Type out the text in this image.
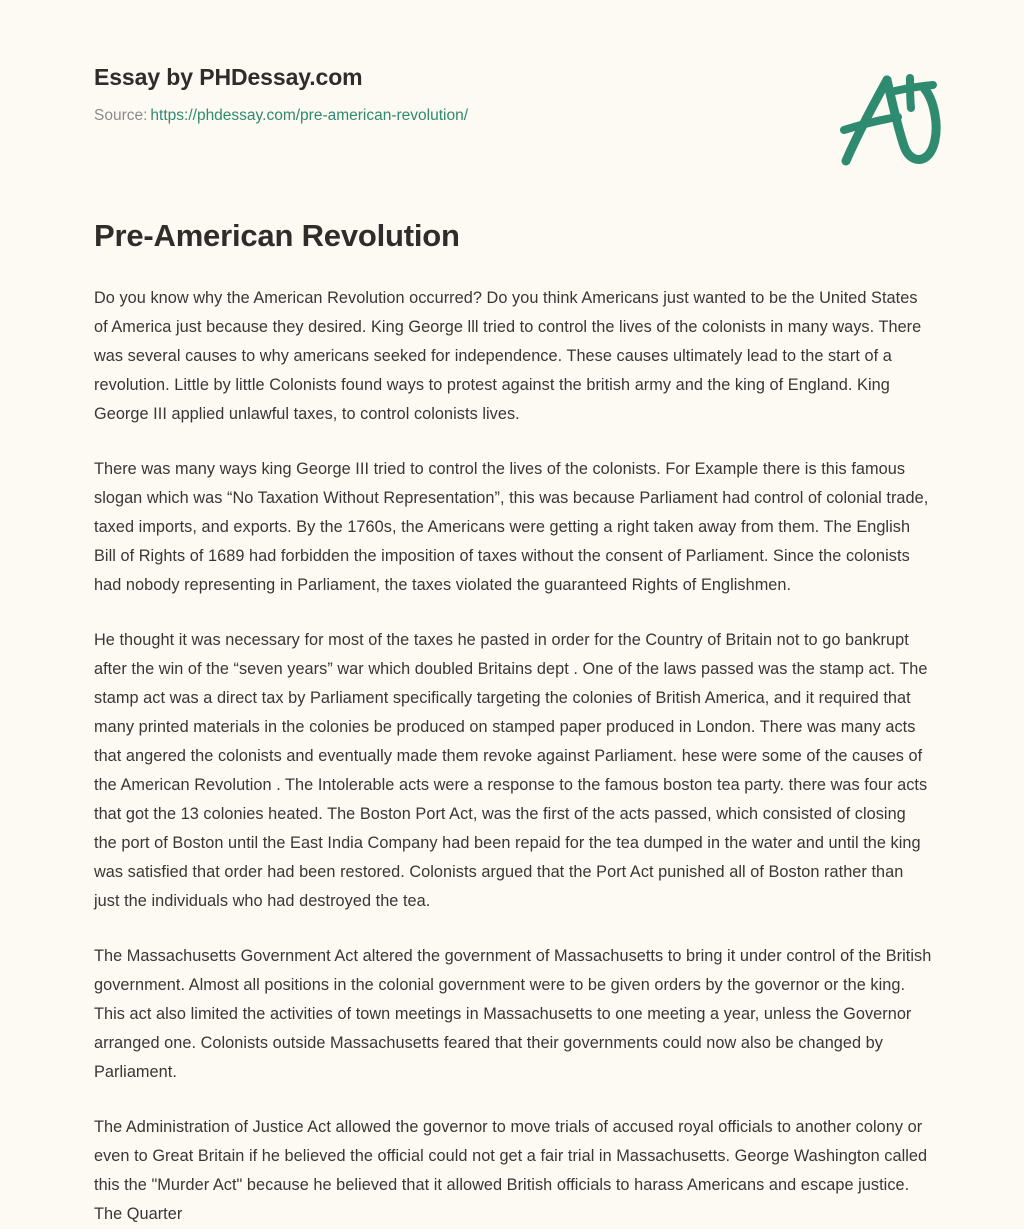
Essay by PHDessay.com
Source: https://phdessay.com/pre-american-revolution/
Pre-American Revolution

Do you know why the American Revolution occurred? Do you think Americans just wanted to be the United States of America just because they desired. King George lll tried to control the lives of the colonists in many ways. There was several causes to why americans seeked for independence. These causes ultimately lead to the start of a revolution. Little by little Colonists found ways to protest against the british army and the king of England. King George III applied unlawful taxes, to control colonists lives.

There was many ways king George III tried to control the lives of the colonists. For Example there is this famous slogan which was “No Taxation Without Representation”, this was because Parliament had control of colonial trade, taxed imports, and exports. By the 1760s, the Americans were getting a right taken away from them. The English Bill of Rights of 1689 had forbidden the imposition of taxes without the consent of Parliament. Since the colonists had nobody representing in Parliament, the taxes violated the guaranteed Rights of Englishmen.

He thought it was necessary for most of the taxes he pasted in order for the Country of Britain not to go bankrupt after the win of the “seven years” war which doubled Britains dept . One of the laws passed was the stamp act. The stamp act was a direct tax by Parliament specifically targeting the colonies of British America, and it required that many printed materials in the colonies be produced on stamped paper produced in London. There was many acts that angered the colonists and eventually made them revoke against Parliament. hese were some of the causes of the American Revolution . The Intolerable acts were a response to the famous boston tea party. there was four acts that got the 13 colonies heated. The Boston Port Act, was the first of the acts passed, which consisted of closing the port of Boston until the East India Company had been repaid for the tea dumped in the water and until the king was satisfied that order had been restored. Colonists argued that the Port Act punished all of Boston rather than just the individuals who had destroyed the tea.

The Massachusetts Government Act altered the government of Massachusetts to bring it under control of the British government. Almost all positions in the colonial government were to be given orders by the governor or the king. This act also limited the activities of town meetings in Massachusetts to one meeting a year, unless the Governor arranged one. Colonists outside Massachusetts feared that their governments could now also be changed by Parliament.

The Administration of Justice Act allowed the governor to move trials of accused royal officials to another colony or even to Great Britain if he believed the official could not get a fair trial in Massachusetts. George Washington called this the "Murder Act" because he believed that it allowed British officials to harass Americans and escape justice. The Quarter
